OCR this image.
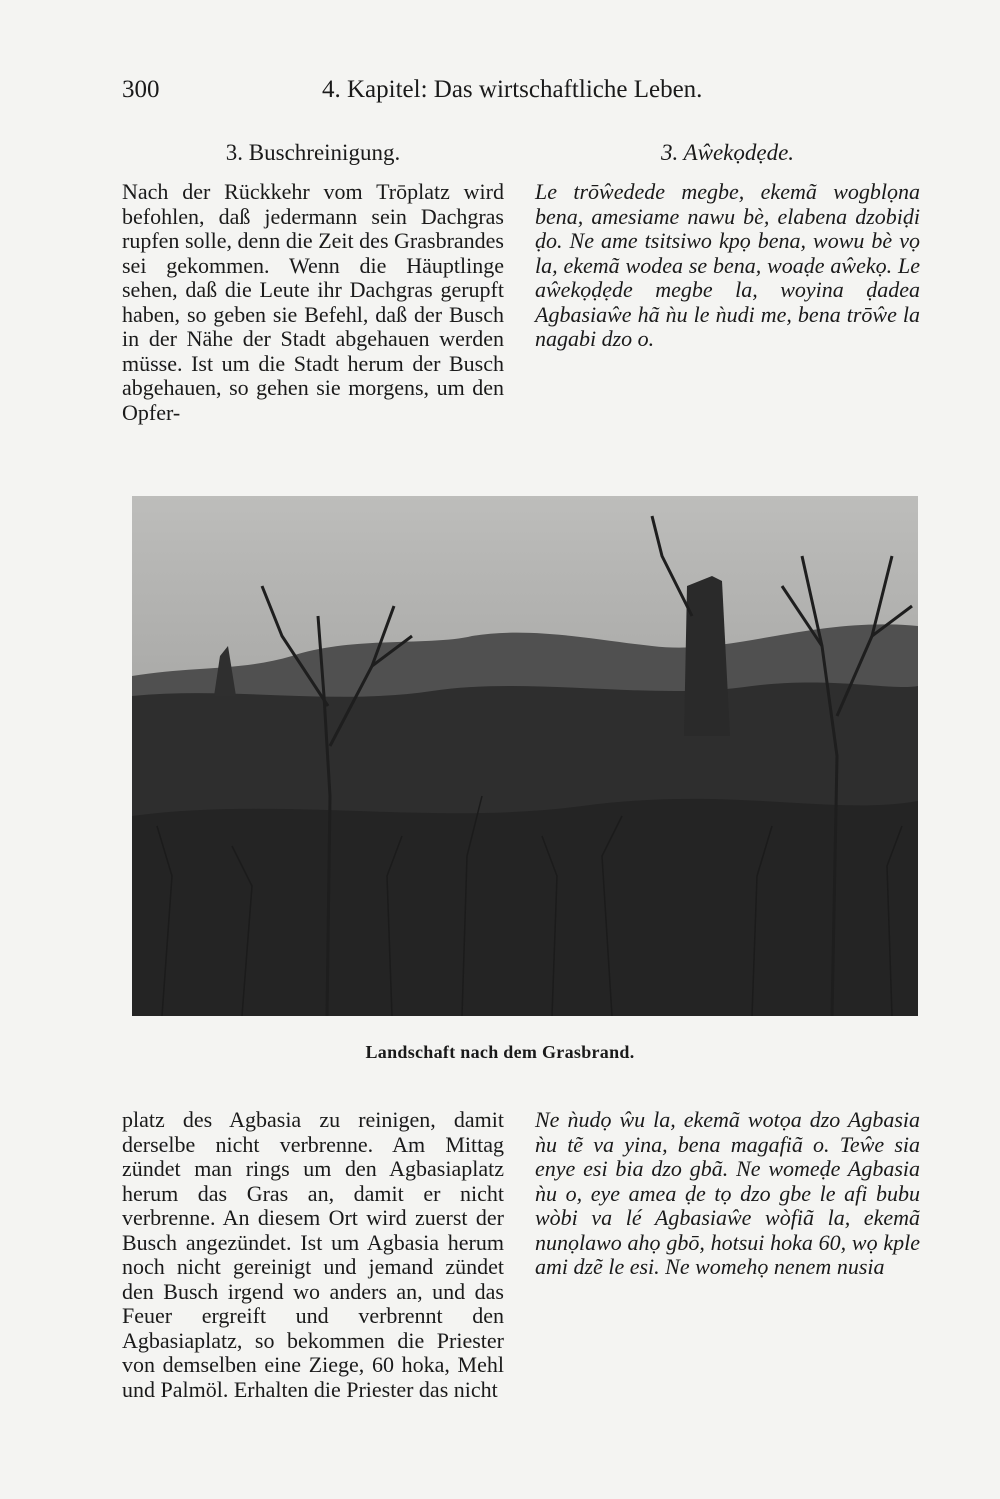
300	4. Kapitel: Das wirtschaftliche Leben.

3. Buschreinigung.

Nach der Rückkehr vom Trōplatz wird befohlen, daß jedermann sein Dachgras rupfen solle, denn die Zeit des Grasbrandes sei gekommen. Wenn die Häuptlinge sehen, daß die Leute ihr Dachgras gerupft haben, so geben sie Befehl, daß der Busch in der Nähe der Stadt abgehauen werden müsse. Ist um die Stadt herum der Busch abgehauen, so gehen sie morgens, um den Opfer-

3. Aŵekọdẹde.

Le trōŵedede megbe, ekemã wogblọna bena, amesiame nawu bè, elabena dzobiḍi ḍo. Ne ame tsitsiwo kpọ bena, wowu bè vọ la, ekemã wodea se bena, woaḍe aŵekọ. Le aŵekọḍẹde megbe la, woyina ḍadea Agbasiaŵe hã ǹu le ǹudi me, bena trōŵe la nagabi dzo o.

Landschaft nach dem Grasbrand.

platz des Agbasia zu reinigen, damit derselbe nicht verbrenne. Am Mittag zündet man rings um den Agbasiaplatz herum das Gras an, damit er nicht verbrenne. An diesem Ort wird zuerst der Busch angezündet. Ist um Agbasia herum noch nicht gereinigt und jemand zündet den Busch irgend wo anders an, und das Feuer ergreift und verbrennt den Agbasiaplatz, so bekommen die Priester von demselben eine Ziege, 60 hoka, Mehl und Palmöl. Erhalten die Priester das nicht

Ne ǹudọ ŵu la, ekemã wotọa dzo Agbasia ǹu tẽ va yina, bena magafiã o. Teŵe sia enye esi bia dzo gbã. Ne womeḍe Agbasia ǹu o, eye amea ḍe tọ dzo gbe le afi bubu wòbi va lé Agbasiaŵe wòfiã la, ekemã nunọlawo ahọ gbō, hotsui hoka 60, wọ kple ami dzẽ le esi. Ne womehọ nenem nusia
